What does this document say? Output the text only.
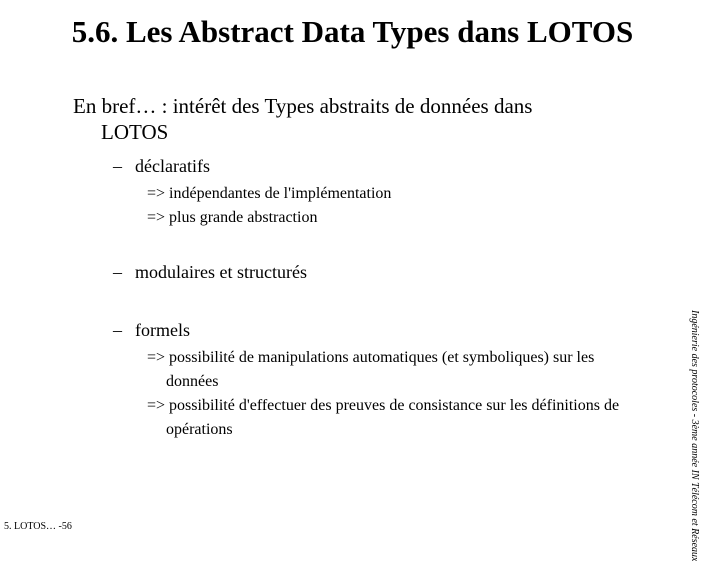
5.6. Les Abstract Data Types dans LOTOS
En bref… : intérêt des Types abstraits de données dans
LOTOS
– déclaratifs
=> indépendantes de l'implémentation
=> plus grande abstraction
– modulaires et structurés
– formels
=> possibilité de manipulations automatiques (et symboliques) sur les
données
=> possibilité d'effectuer des preuves de consistance sur les définitions de
opérations
5. LOTOS… -56	Ingénierie des protocoles - 3ème année IN Télécom et Réseaux
